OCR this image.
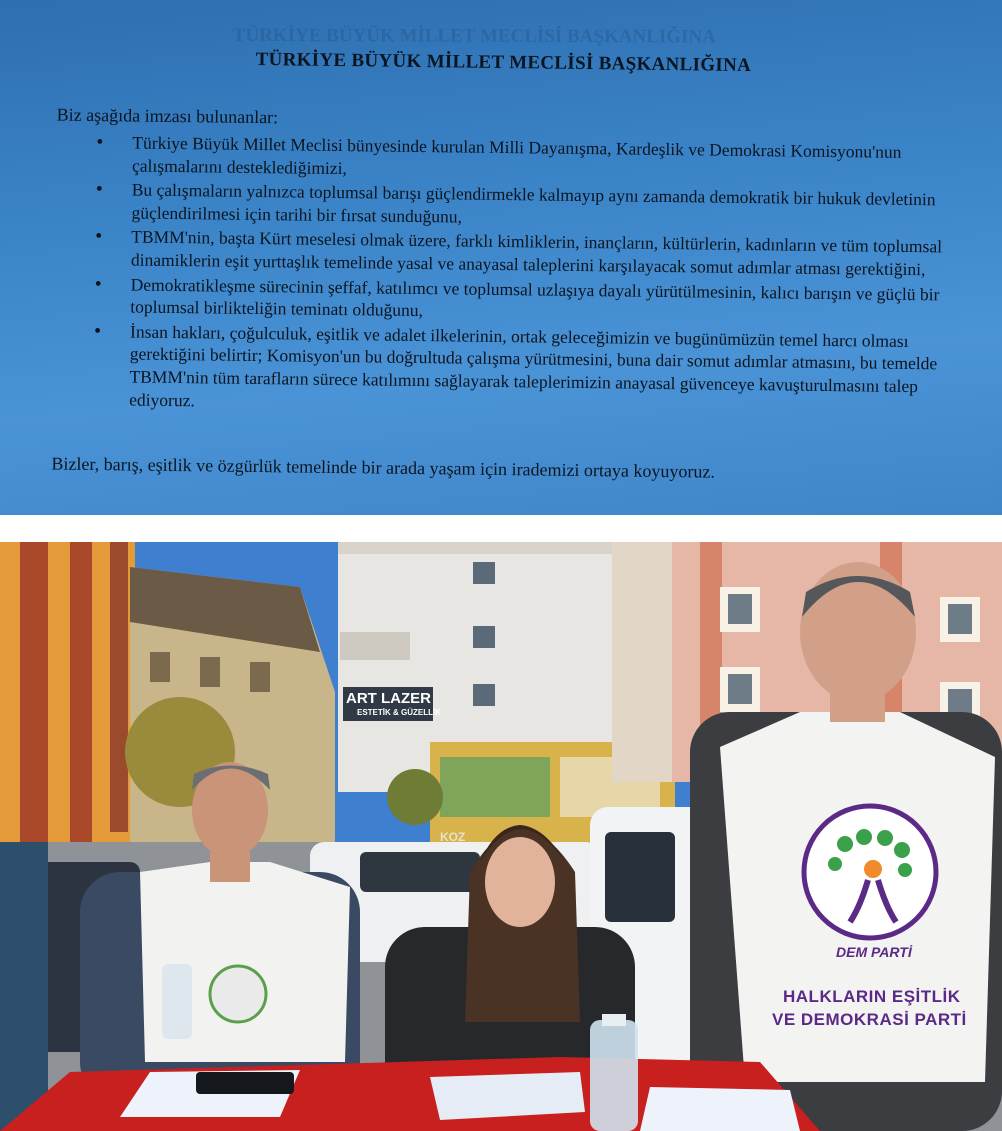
TÜRKİYE BÜYÜK MİLLET MECLİSİ BAŞKANLIĞINA
TÜRKİYE BÜYÜK MİLLET MECLİSİ BAŞKANLIĞINA
Biz aşağıda imzası bulunanlar:
• Türkiye Büyük Millet Meclisi bünyesinde kurulan Milli Dayanışma, Kardeşlik ve Demokrasi Komisyonu'nun çalışmalarını desteklediğimizi,
• Bu çalışmaların yalnızca toplumsal barışı güçlendirmekle kalmayıp aynı zamanda demokratik bir hukuk devletinin güçlendirilmesi için tarihi bir fırsat sunduğunu,
• TBMM'nin, başta Kürt meselesi olmak üzere, farklı kimliklerin, inançların, kültürlerin, kadınların ve tüm toplumsal dinamiklerin eşit yurttaşlık temelinde yasal ve anayasal taleplerini karşılayacak somut adımlar atması gerektiğini,
• Demokratikleşme sürecinin şeffaf, katılımcı ve toplumsal uzlaşıya dayalı yürütülmesinin, kalıcı barışın ve güçlü bir toplumsal birlikteliğin teminatı olduğunu,
• İnsan hakları, çoğulculuk, eşitlik ve adalet ilkelerinin, ortak geleceğimizin ve bugünümüzün temel harcı olması gerektiğini belirtir; Komisyon'un bu doğrultuda çalışma yürütmesini, buna dair somut adımlar atmasını, bu temelde TBMM'nin tüm tarafların sürece katılımını sağlayarak taleplerimizin anayasal güvenceye kavuşturulmasını talep ediyoruz.
Bizler, barış, eşitlik ve özgürlük temelinde bir arada yaşam için irademizi ortaya koyuyoruz.
ART LAZER
ESTETİK & GÜZELLİK
KOZ
DEM PARTİ
HALKLARIN EŞİTLİK
VE DEMOKRASİ PARTİ
